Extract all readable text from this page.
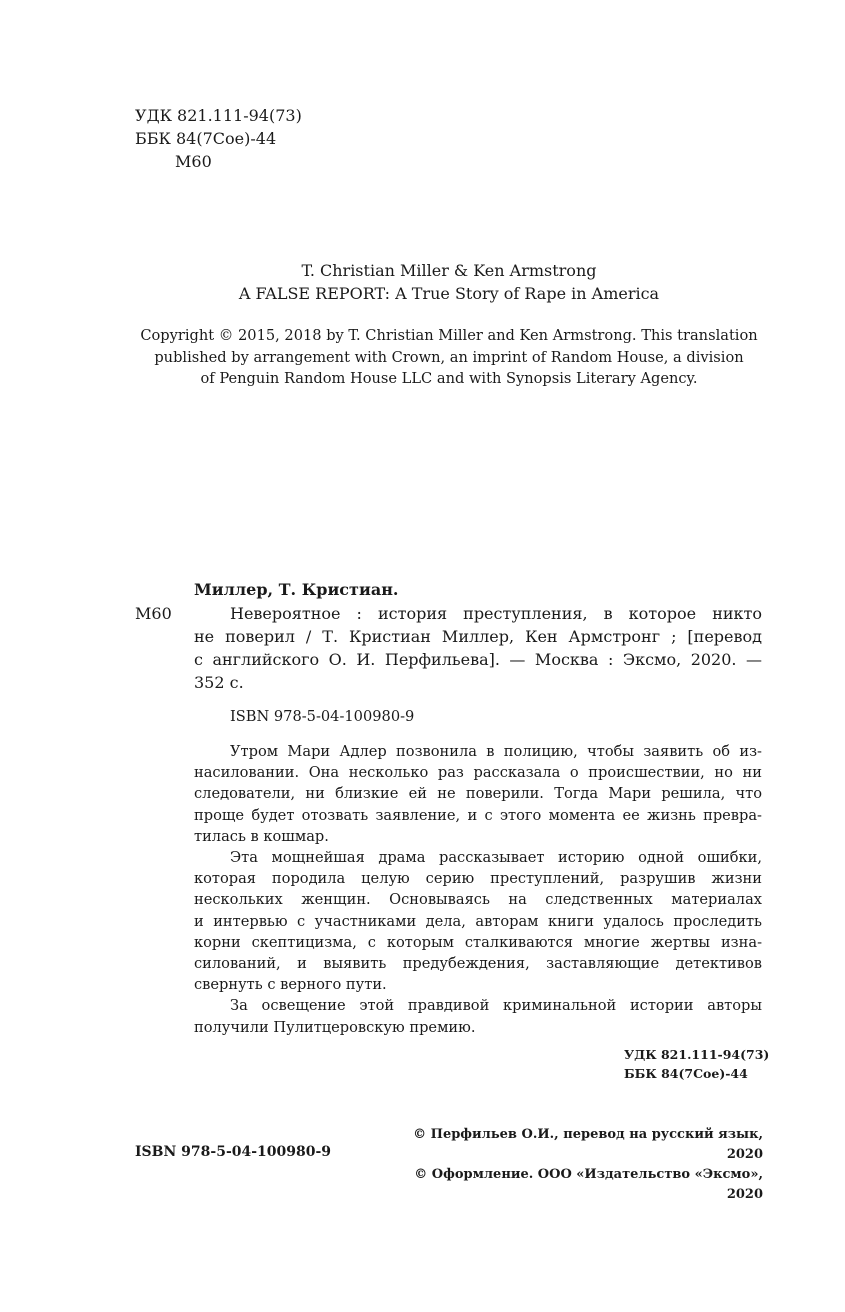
УДК 821.111-94(73)
ББК 84(7Сое)-44
М60
T. Christian Miller & Ken Armstrong
A FALSE REPORT: A True Story of Rape in America
Copyright © 2015, 2018 by T. Christian Miller and Ken Armstrong. This translation
published by arrangement with Crown, an imprint of Random House, a division
of Penguin Random House LLC and with Synopsis Literary Agency.
Миллер, Т. Кристиан.
М60	Невероятное : история преступления, в которое никто
не поверил / Т. Кристиан Миллер, Кен Армстронг ; [перевод
с английского О. И. Перфильева]. — Москва : Эксмо, 2020. —
352 с.
ISBN 978-5-04-100980-9
Утром Мари Адлер позвонила в полицию, чтобы заявить об из-
насиловании. Она несколько раз рассказала о происшествии, но ни
следователи, ни близкие ей не поверили. Тогда Мари решила, что
проще будет отозвать заявление, и с этого момента ее жизнь превра-
тилась в кошмар.
Эта мощнейшая драма рассказывает историю одной ошибки,
которая породила целую серию преступлений, разрушив жизни
нескольких женщин. Основываясь на следственных материалах
и интервью с участниками дела, авторам книги удалось проследить
корни скептицизма, с которым сталкиваются многие жертвы изна-
силований, и выявить предубеждения, заставляющие детективов
свернуть с верного пути.
За освещение этой правдивой криминальной истории авторы
получили Пулитцеровскую премию.
УДК 821.111-94(73)
ББК 84(7Сое)-44
ISBN 978-5-04-100980-9
© Перфильев О.И., перевод на русский язык, 2020
© Оформление. ООО «Издательство «Эксмо», 2020
